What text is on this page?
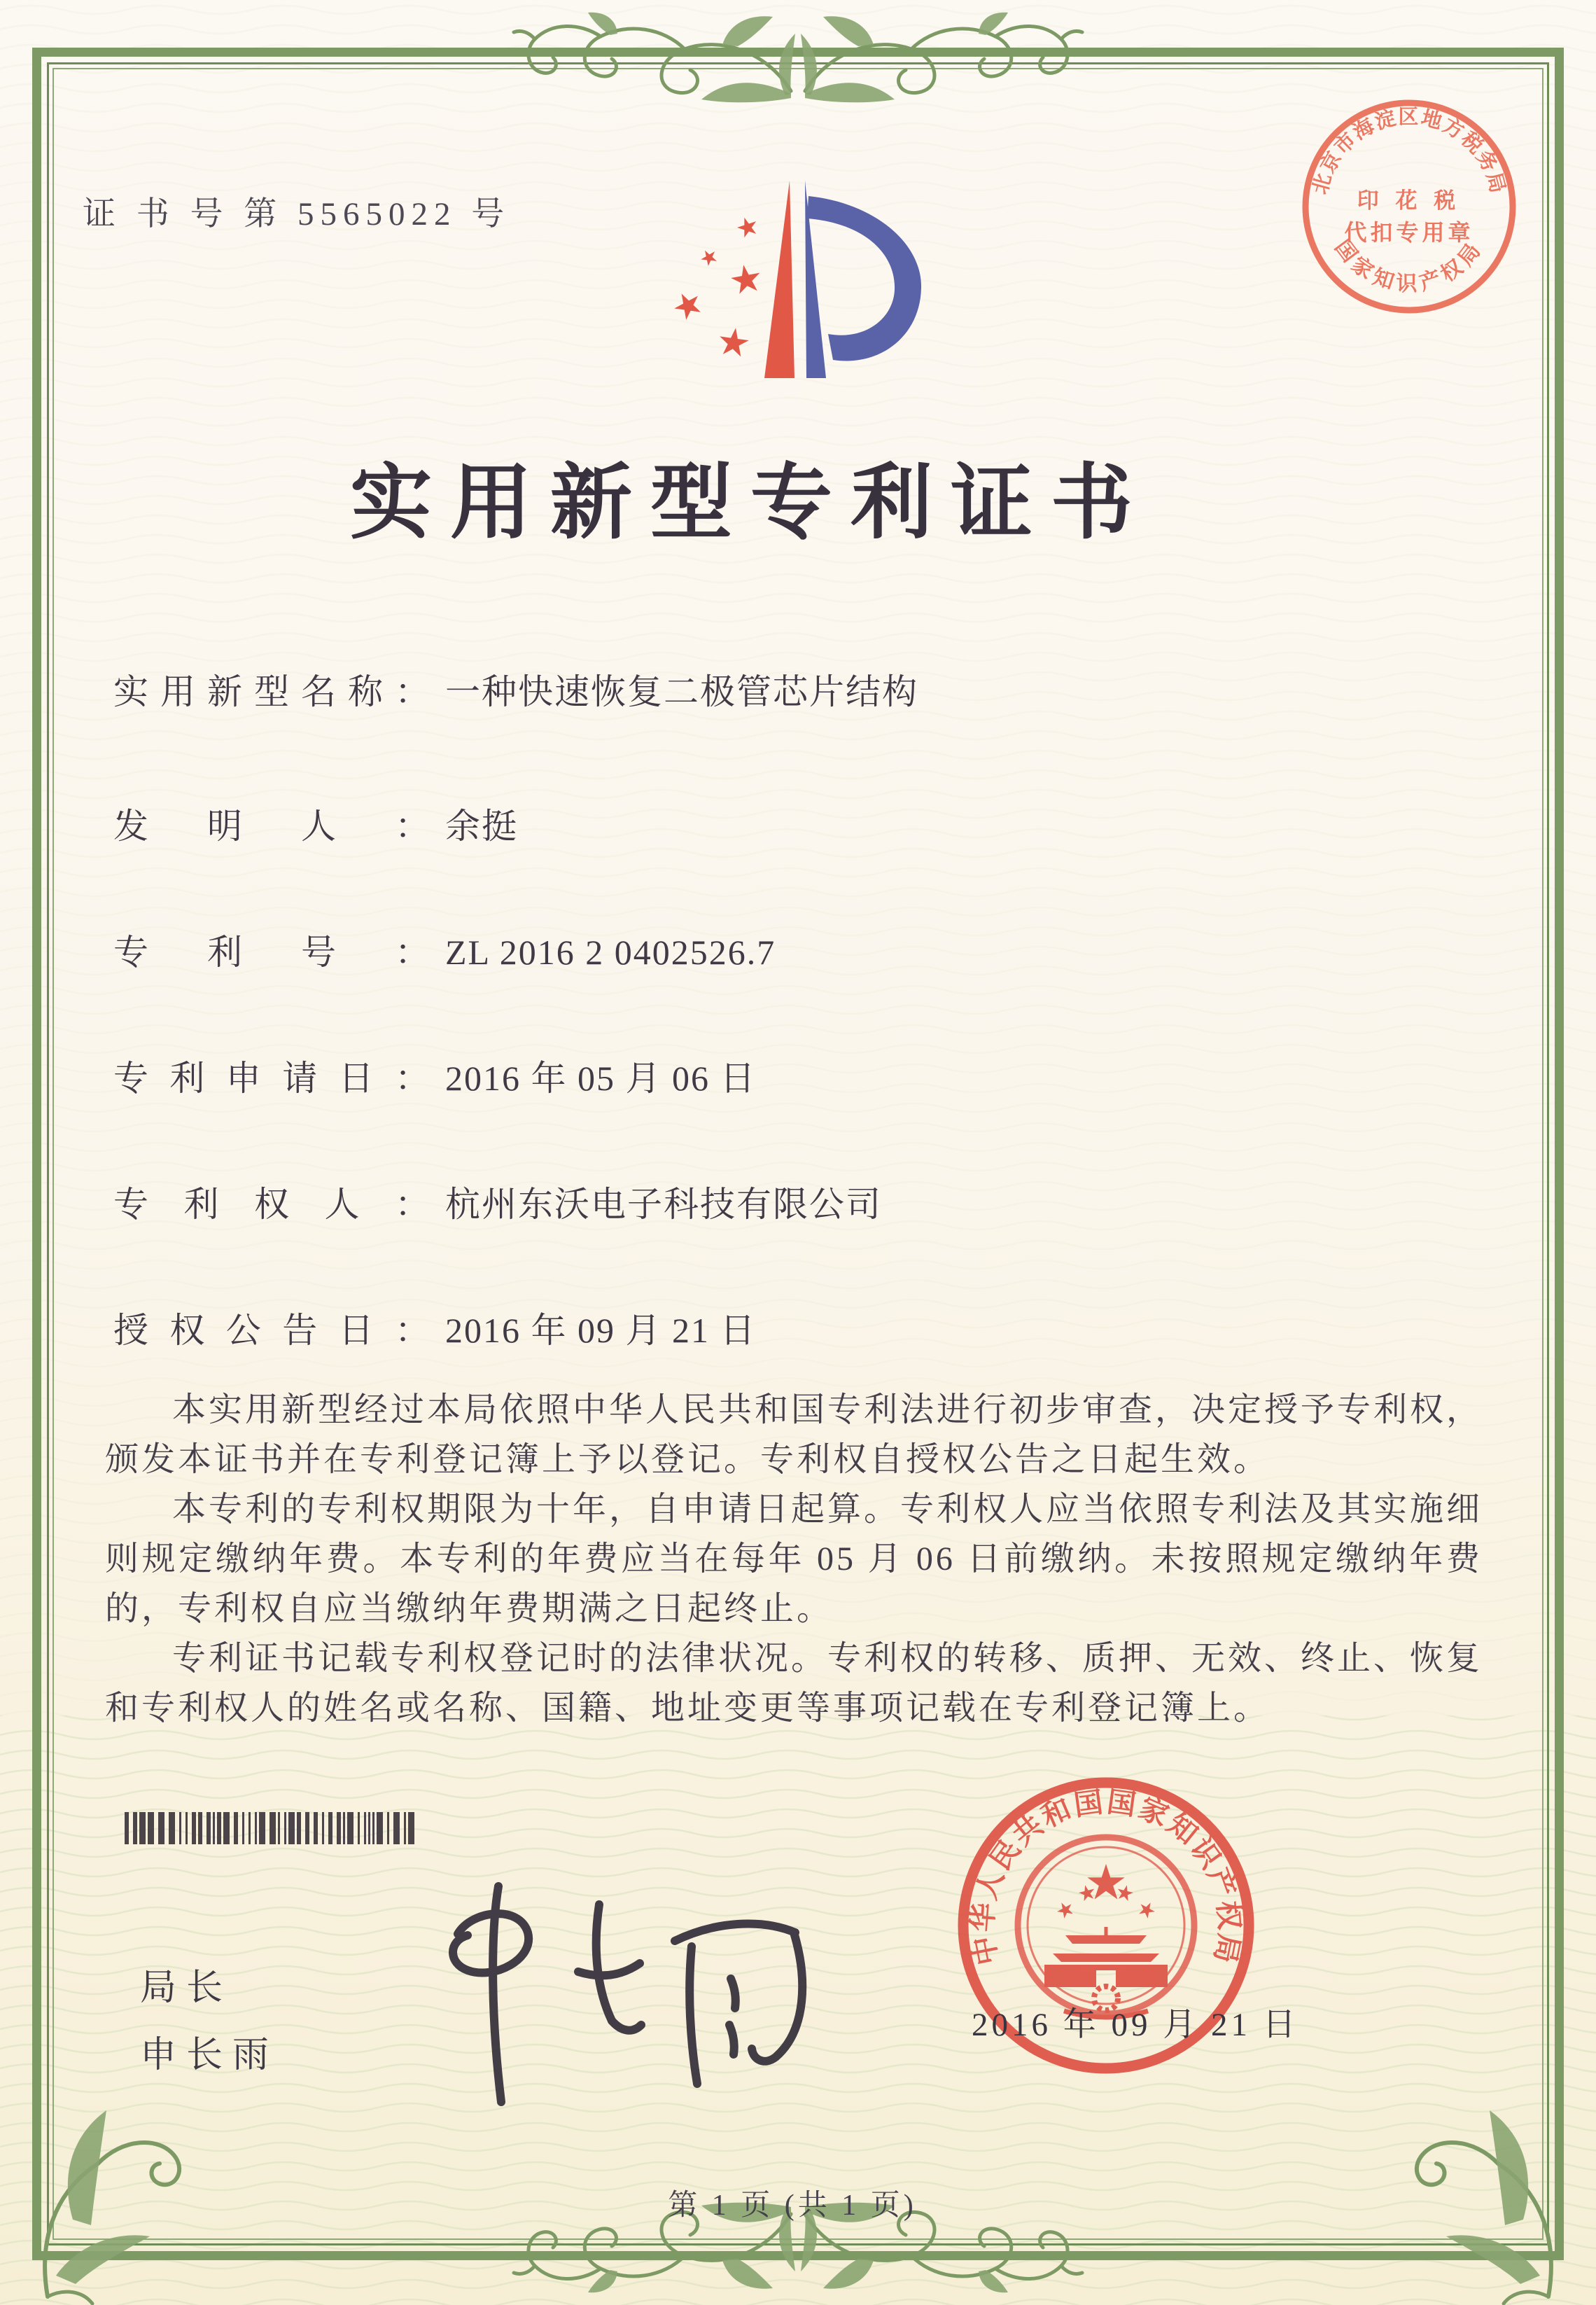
证 书 号 第 5565022 号
北京市海淀区地方税务局
印 花 税
代扣专用章
国家知识产权局
实用新型专利证书
实用新型名称： 一种快速恢复二极管芯片结构
发明人： 余挺
专利号： ZL 2016 2 0402526.7
专利申请日： 2016 年 05 月 06 日
专利权人： 杭州东沃电子科技有限公司
授权公告日： 2016 年 09 月 21 日

本实用新型经过本局依照中华人民共和国专利法进行初步审查，决定授予专利权，颁发本证书并在专利登记簿上予以登记。专利权自授权公告之日起生效。

本专利的专利权期限为十年，自申请日起算。专利权人应当依照专利法及其实施细则规定缴纳年费。本专利的年费应当在每年 05 月 06 日前缴纳。未按照规定缴纳年费的，专利权自应当缴纳年费期满之日起终止。

专利证书记载专利权登记时的法律状况。专利权的转移、质押、无效、终止、恢复和专利权人的姓名或名称、国籍、地址变更等事项记载在专利登记簿上。

局长
申长雨
中华人民共和国国家知识产权局
2016 年 09 月 21 日
第 1 页 (共 1 页)
